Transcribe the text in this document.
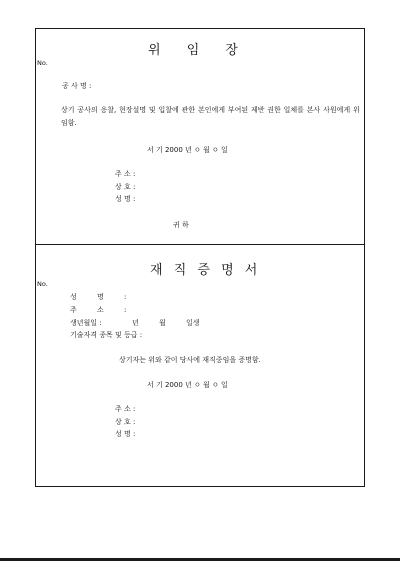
위 임 장
No.
공 사 명 :
상기 공사의 응찰, 현장설명 및 입찰에 관한 본인에게 부여된 제반 권한 일체를 본사 사원에게 위임함.
서 기 2000 년 ㅇ 월 ㅇ 일
주 소 :
상 호 :
성 명 :
귀 하
재 직 증 명 서
No.
성 명 :
주 소 :
생년월일 :	년 월 일생
기술자격 종목 및 등급 :
상기자는 위와 같이 당사에 재직중임을 증명함.
서 기 2000 년 ㅇ 월 ㅇ 일
주 소 :
상 호 :
성 명 :
